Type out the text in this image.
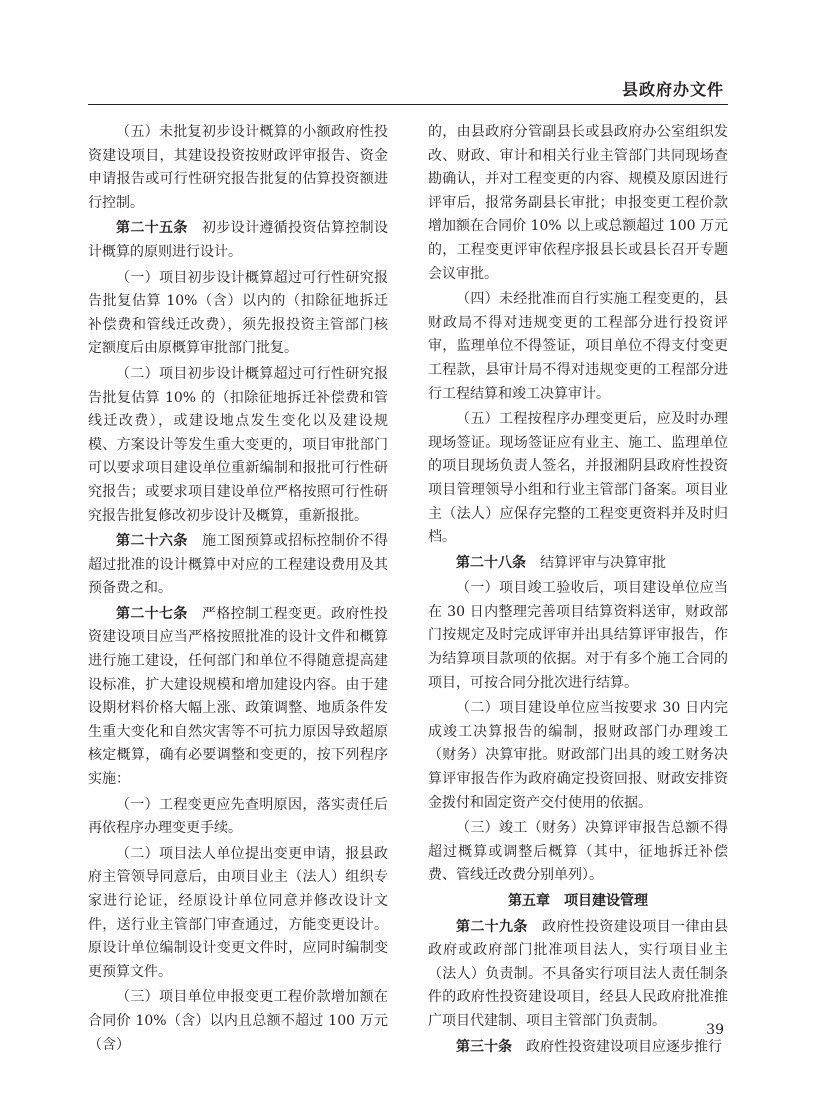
县政府办文件

（五）未批复初步设计概算的小额政府性投资建设项目，其建设投资按财政评审报告、资金申请报告或可行性研究报告批复的估算投资额进行控制。

第二十五条　初步设计遵循投资估算控制设计概算的原则进行设计。

（一）项目初步设计概算超过可行性研究报告批复估算 10%（含）以内的（扣除征地拆迁补偿费和管线迁改费），须先报投资主管部门核定额度后由原概算审批部门批复。

（二）项目初步设计概算超过可行性研究报告批复估算 10% 的（扣除征地拆迁补偿费和管线迁改费），或建设地点发生变化以及建设规模、方案设计等发生重大变更的，项目审批部门可以要求项目建设单位重新编制和报批可行性研究报告；或要求项目建设单位严格按照可行性研究报告批复修改初步设计及概算，重新报批。

第二十六条　施工图预算或招标控制价不得超过批准的设计概算中对应的工程建设费用及其预备费之和。

第二十七条　严格控制工程变更。政府性投资建设项目应当严格按照批准的设计文件和概算进行施工建设，任何部门和单位不得随意提高建设标准，扩大建设规模和增加建设内容。由于建设期材料价格大幅上涨、政策调整、地质条件发生重大变化和自然灾害等不可抗力原因导致超原核定概算，确有必要调整和变更的，按下列程序实施：

（一）工程变更应先查明原因，落实责任后再依程序办理变更手续。

（二）项目法人单位提出变更申请，报县政府主管领导同意后，由项目业主（法人）组织专家进行论证，经原设计单位同意并修改设计文件，送行业主管部门审查通过，方能变更设计。原设计单位编制设计变更文件时，应同时编制变更预算文件。

（三）项目单位申报变更工程价款增加额在合同价 10%（含）以内且总额不超过 100 万元（含）

的，由县政府分管副县长或县政府办公室组织发改、财政、审计和相关行业主管部门共同现场查勘确认，并对工程变更的内容、规模及原因进行评审后，报常务副县长审批；申报变更工程价款增加额在合同价 10% 以上或总额超过 100 万元的，工程变更评审依程序报县长或县长召开专题会议审批。

（四）未经批准而自行实施工程变更的，县财政局不得对违规变更的工程部分进行投资评审，监理单位不得签证，项目单位不得支付变更工程款，县审计局不得对违规变更的工程部分进行工程结算和竣工决算审计。

（五）工程按程序办理变更后，应及时办理现场签证。现场签证应有业主、施工、监理单位的项目现场负责人签名，并报湘阴县政府性投资项目管理领导小组和行业主管部门备案。项目业主（法人）应保存完整的工程变更资料并及时归档。

第二十八条　结算评审与决算审批

（一）项目竣工验收后，项目建设单位应当在 30 日内整理完善项目结算资料送审，财政部门按规定及时完成评审并出具结算评审报告，作为结算项目款项的依据。对于有多个施工合同的项目，可按合同分批次进行结算。

（二）项目建设单位应当按要求 30 日内完成竣工决算报告的编制，报财政部门办理竣工（财务）决算审批。财政部门出具的竣工财务决算评审报告作为政府确定投资回报、财政安排资金拨付和固定资产交付使用的依据。

（三）竣工（财务）决算评审报告总额不得超过概算或调整后概算（其中，征地拆迁补偿费、管线迁改费分别单列）。

第五章　项目建设管理

第二十九条　政府性投资建设项目一律由县政府或政府部门批准项目法人，实行项目业主（法人）负责制。不具备实行项目法人责任制条件的政府性投资建设项目，经县人民政府批准推广项目代建制、项目主管部门负责制。

第三十条　政府性投资建设项目应逐步推行

39
